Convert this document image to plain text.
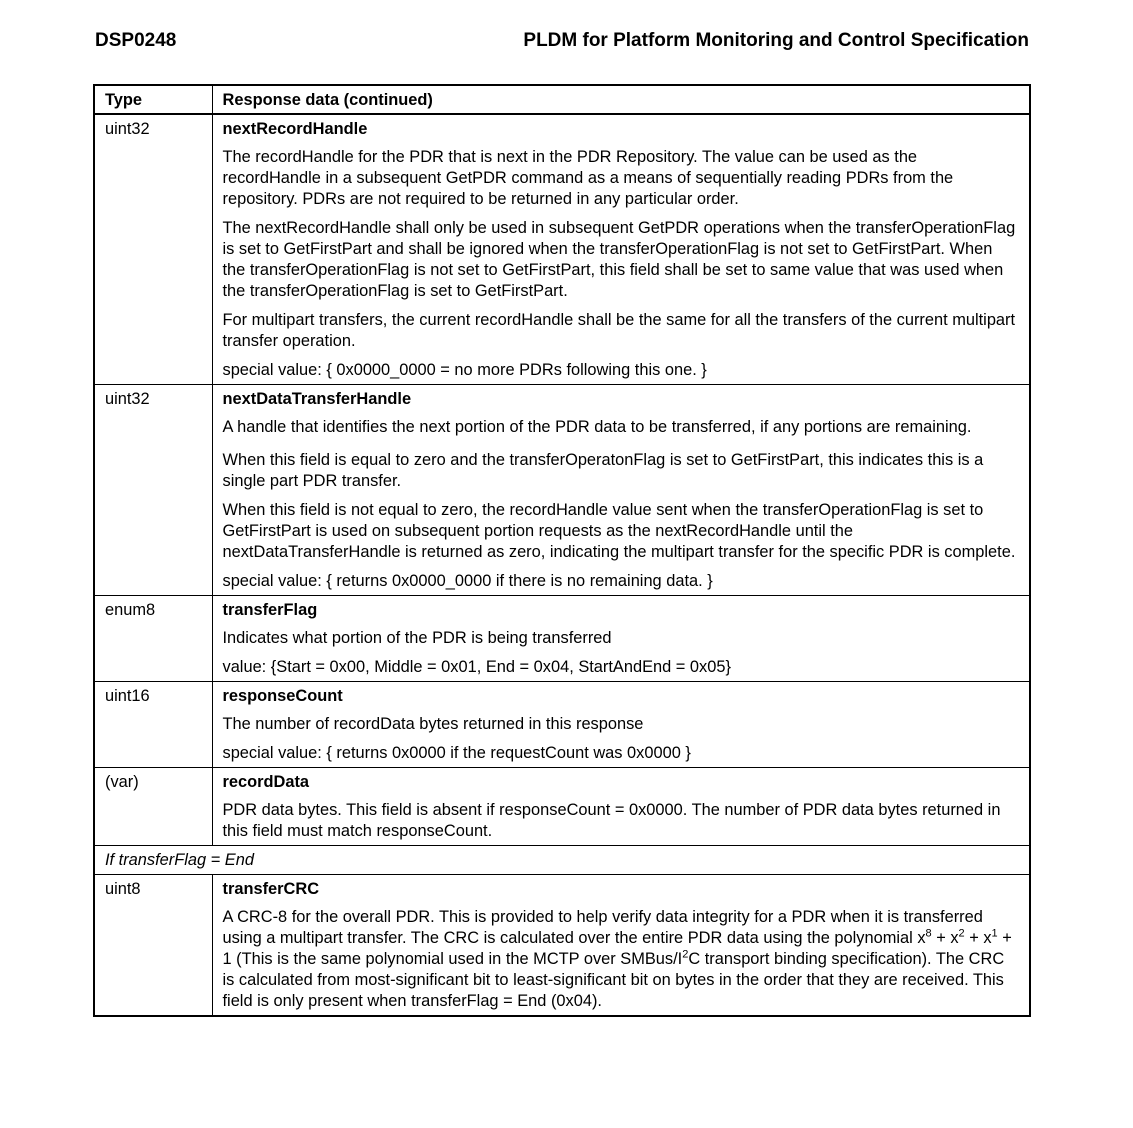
DSP0248	PLDM for Platform Monitoring and Control Specification
Type	Response data (continued)
uint32	nextRecordHandle
The recordHandle for the PDR that is next in the PDR Repository. The value can be used as the recordHandle in a subsequent GetPDR command as a means of sequentially reading PDRs from the repository. PDRs are not required to be returned in any particular order.
The nextRecordHandle shall only be used in subsequent GetPDR operations when the transferOperationFlag is set to GetFirstPart and shall be ignored when the transferOperationFlag is not set to GetFirstPart. When the transferOperationFlag is not set to GetFirstPart, this field shall be set to same value that was used when the transferOperationFlag is set to GetFirstPart.
For multipart transfers, the current recordHandle shall be the same for all the transfers of the current multipart transfer operation.
special value: { 0x0000_0000 = no more PDRs following this one. }

uint32	nextDataTransferHandle
A handle that identifies the next portion of the PDR data to be transferred, if any portions are remaining.
When this field is equal to zero and the transferOperatonFlag is set to GetFirstPart, this indicates this is a single part PDR transfer.
When this field is not equal to zero, the recordHandle value sent when the transferOperationFlag is set to GetFirstPart is used on subsequent portion requests as the nextRecordHandle until the nextDataTransferHandle is returned as zero, indicating the multipart transfer for the specific PDR is complete.
special value: { returns 0x0000_0000 if there is no remaining data. }

enum8	transferFlag
Indicates what portion of the PDR is being transferred
value: {Start = 0x00, Middle = 0x01, End = 0x04, StartAndEnd = 0x05}

uint16	responseCount
The number of recordData bytes returned in this response
special value: { returns 0x0000 if the requestCount was 0x0000 }

(var)	recordData
PDR data bytes. This field is absent if responseCount = 0x0000. The number of PDR data bytes returned in this field must match responseCount.

If transferFlag = End	
uint8	transferCRC
A CRC-8 for the overall PDR. This is provided to help verify data integrity for a PDR when it is transferred using a multipart transfer. The CRC is calculated over the entire PDR data using the polynomial $x^8 + x^2 + x^1 + 1$ (This is the same polynomial used in the MCTP over SMBus/$I^2C$ transport binding specification). The CRC is calculated from most-significant bit to least-significant bit on bytes in the order that they are received. This field is only present when transferFlag = End (0x04).
